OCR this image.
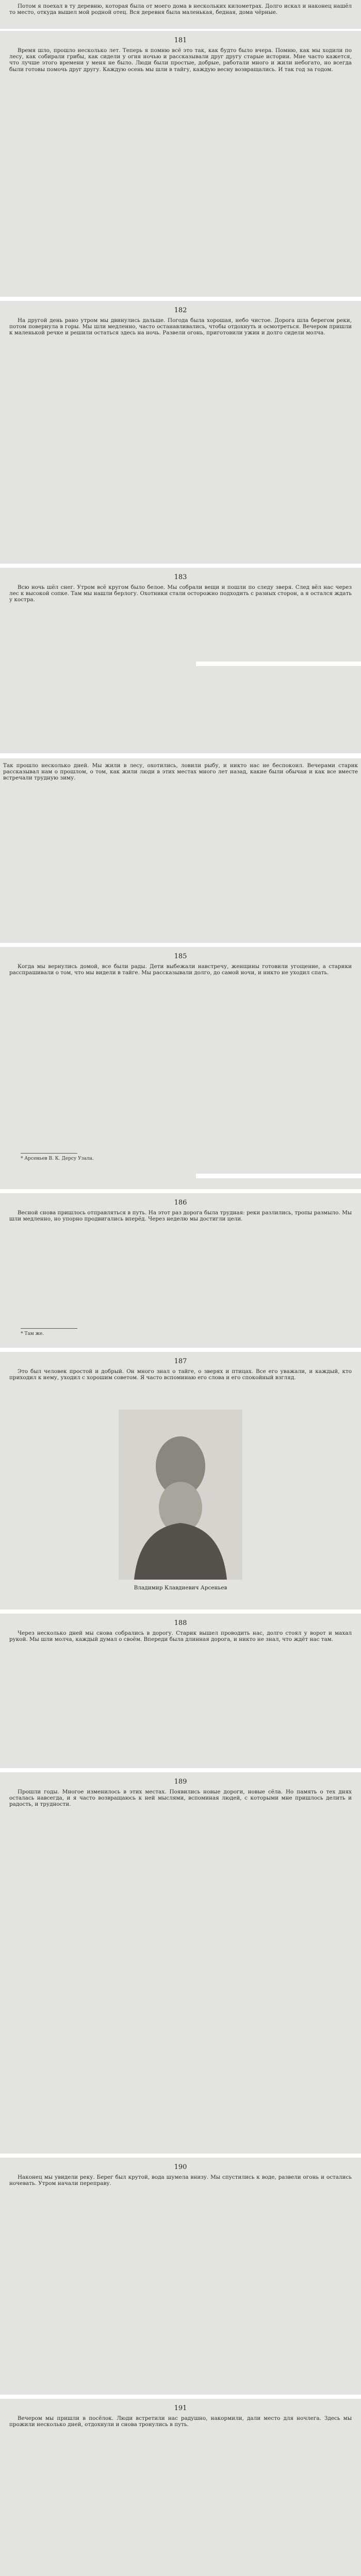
Потом я поехал в ту деревню, которая была от моего дома в нескольких километрах. Долго искал и наконец нашёл то место, откуда вышел мой родной отец. Вся деревня была маленькая, бедная, дома чёрные.
181
Время шло, прошло несколько лет. Теперь я помню всё это так, как будто было вчера. Помню, как мы ходили по лесу, как собирали грибы, как сидели у огня ночью и рассказывали друг другу старые истории. Мне часто кажется, что лучше этого времени у меня не было. Люди были простые, добрые, работали много и жили небогато, но всегда были готовы помочь друг другу. Каждую осень мы шли в тайгу, каждую весну возвращались. И так год за годом.
182
На другой день рано утром мы двинулись дальше. Погода была хорошая, небо чистое. Дорога шла берегом реки, потом повернула в горы. Мы шли медленно, часто останавливались, чтобы отдохнуть и осмотреться. Вечером пришли к маленькой речке и решили остаться здесь на ночь. Развели огонь, приготовили ужин и долго сидели молча.
183
Всю ночь шёл снег. Утром всё кругом было белое. Мы собрали вещи и пошли по следу зверя. След вёл нас через лес к высокой сопке. Там мы нашли берлогу. Охотники стали осторожно подходить с разных сторон, а я остался ждать у костра.
Так прошло несколько дней. Мы жили в лесу, охотились, ловили рыбу, и никто нас не беспокоил. Вечерами старик рассказывал нам о прошлом, о том, как жили люди в этих местах много лет назад, какие были обычаи и как все вместе встречали трудную зиму.
185
Когда мы вернулись домой, все были рады. Дети выбежали навстречу, женщины готовили угощение, а старики расспрашивали о том, что мы видели в тайге. Мы рассказывали долго, до самой ночи, и никто не уходил спать.
* Арсеньев В. К. Дерсу Узала.
186
Весной снова пришлось отправляться в путь. На этот раз дорога была трудная: реки разлились, тропы размыло. Мы шли медленно, но упорно продвигались вперёд. Через неделю мы достигли цели.
* Там же.
187
Это был человек простой и добрый. Он много знал о тайге, о зверях и птицах. Все его уважали, и каждый, кто приходил к нему, уходил с хорошим советом. Я часто вспоминаю его слова и его спокойный взгляд.
Владимир Клавдиевич Арсеньев
188
Через несколько дней мы снова собрались в дорогу. Старик вышел проводить нас, долго стоял у ворот и махал рукой. Мы шли молча, каждый думал о своём. Впереди была длинная дорога, и никто не знал, что ждёт нас там.
189
Прошли годы. Многое изменилось в этих местах. Появились новые дороги, новые сёла. Но память о тех днях осталась навсегда, и я часто возвращаюсь к ней мыслями, вспоминая людей, с которыми мне пришлось делить и радость, и трудности.
190
Наконец мы увидели реку. Берег был крутой, вода шумела внизу. Мы спустились к воде, развели огонь и остались ночевать. Утром начали переправу.
191
Вечером мы пришли в посёлок. Люди встретили нас радушно, накормили, дали место для ночлега. Здесь мы прожили несколько дней, отдохнули и снова тронулись в путь.
